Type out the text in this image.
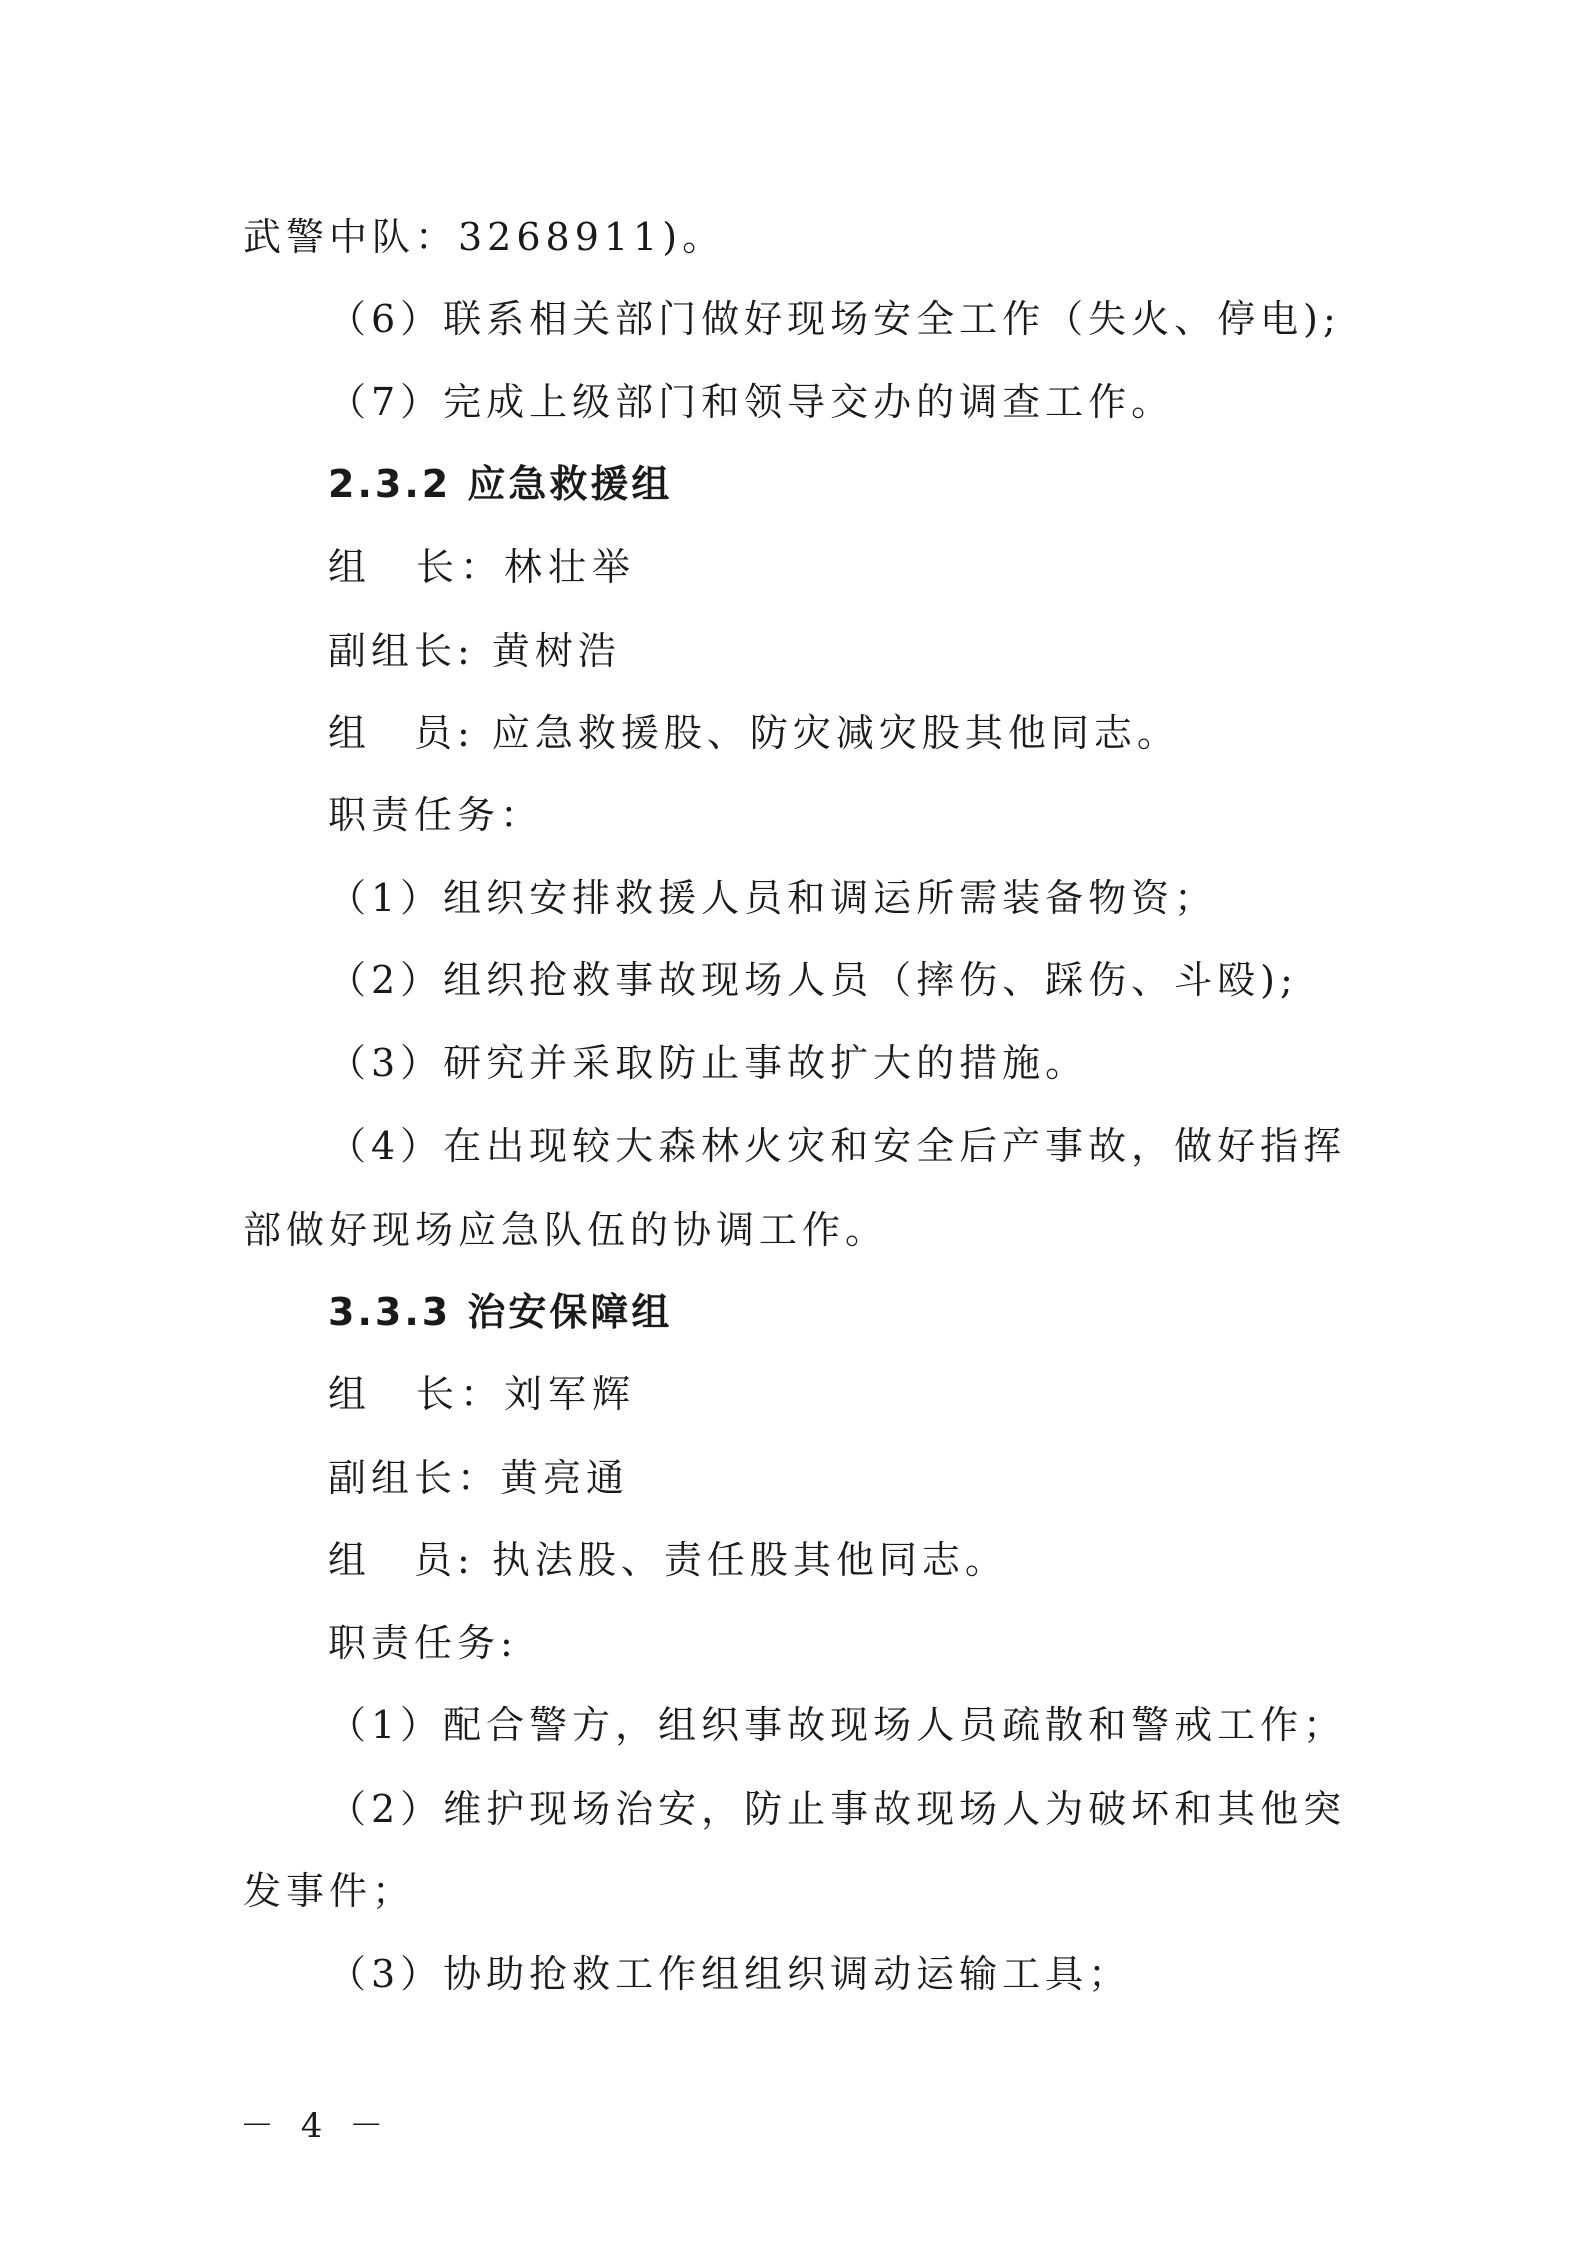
武警中队：3268911)。
（6）联系相关部门做好现场安全工作（失火、停电);
（7）完成上级部门和领导交办的调查工作。
2.3.2 应急救援组
组　长：林壮举
副组长: 黄树浩
组　员: 应急救援股、防灾减灾股其他同志。
职责任务：
（1）组织安排救援人员和调运所需装备物资；
（2）组织抢救事故现场人员（摔伤、踩伤、斗殴);
（3）研究并采取防止事故扩大的措施。
（4）在出现较大森林火灾和安全后产事故，做好指挥
部做好现场应急队伍的协调工作。
3.3.3 治安保障组
组　长：刘军辉
副组长：黄亮通
组　员: 执法股、责任股其他同志。
职责任务:
（1）配合警方，组织事故现场人员疏散和警戒工作；
（2）维护现场治安，防止事故现场人为破坏和其他突
发事件；
（3）协助抢救工作组组织调动运输工具；
－ 4 －
